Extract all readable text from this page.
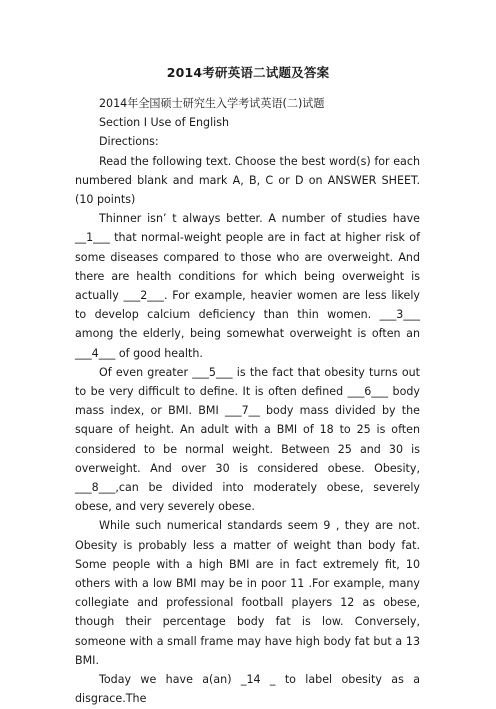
2014考研英语二试题及答案

2014年全国硕士研究生入学考试英语(二)试题

Section I Use of English

Directions:

Read the following text. Choose the best word(s) for each numbered blank and mark A, B, C or D on ANSWER SHEET. (10 points)

Thinner isn’ t always better. A number of studies have __1___ that normal-weight people are in fact at higher risk of some diseases compared to those who are overweight. And there are health conditions for which being overweight is actually ___2___. For example, heavier women are less likely to develop calcium deficiency than thin women. ___3___ among the elderly, being somewhat overweight is often an ___4___ of good health.

Of even greater ___5___ is the fact that obesity turns out to be very difficult to define. It is often defined ___6___ body mass index, or BMI. BMI ___7__ body mass divided by the square of height. An adult with a BMI of 18 to 25 is often considered to be normal weight. Between 25 and 30 is overweight. And over 30 is considered obese. Obesity, ___8___,can be divided into moderately obese, severely obese, and very severely obese.

While such numerical standards seem 9 , they are not. Obesity is probably less a matter of weight than body fat. Some people with a high BMI are in fact extremely fit, 10 others with a low BMI may be in poor 11 .For example, many collegiate and professional football players 12 as obese, though their percentage body fat is low. Conversely, someone with a small frame may have high body fat but a 13 BMI.

Today we have a(an) _14 _ to label obesity as a disgrace.The
